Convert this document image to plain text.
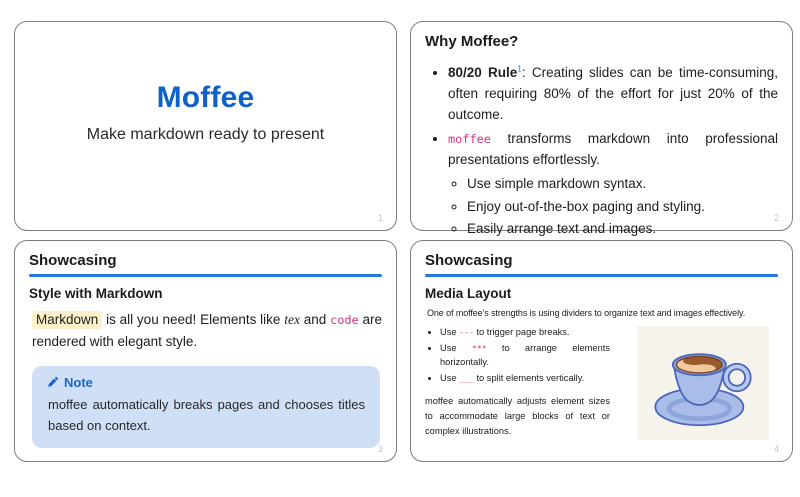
Moffee

Make markdown ready to present

1
Why Moffee?
• 80/20 Rule$^1$: Creating slides can be time-consuming, often requiring 80% of the effort for just 20% of the outcome.
• moffee transforms markdown into professional presentations effortlessly.
◦ Use simple markdown syntax.
◦ Enjoy out-of-the-box paging and styling.
◦ Easily arrange text and images.
2
Showcasing
Style with Markdown

Markdown is all you need! Elements like tex and code are rendered with elegant style.

Note

moffee automatically breaks pages and chooses titles based on context.

3
Showcasing
Media Layout

One of moffee’s strengths is using dividers to organize text and images effectively.

• Use --- to trigger page breaks.
• Use *** to arrange elements horizontally.
• Use ___ to split elements vertically.

moffee automatically adjusts element sizes to accommodate large blocks of text or complex illustrations.

4
